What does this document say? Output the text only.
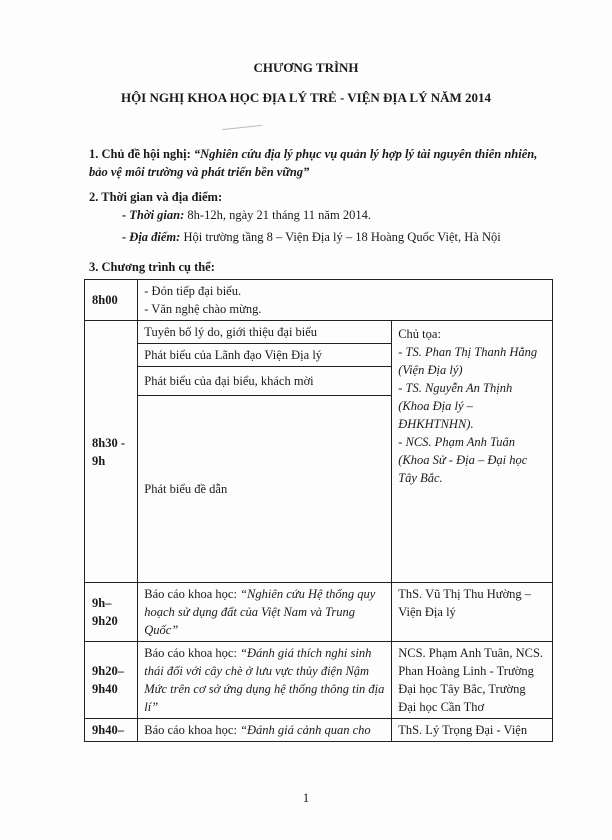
CHƯƠNG TRÌNH
HỘI NGHỊ KHOA HỌC ĐỊA LÝ TRẺ - VIỆN ĐỊA LÝ NĂM 2014
1. Chủ đề hội nghị: “Nghiên cứu địa lý phục vụ quản lý hợp lý tài nguyên thiên nhiên, bảo vệ môi trường và phát triển bền vững”
2. Thời gian và địa điểm:
- Thời gian: 8h-12h, ngày 21 tháng 11 năm 2014.
- Địa điểm: Hội trường tầng 8 – Viện Địa lý – 18 Hoàng Quốc Việt, Hà Nội
3. Chương trình cụ thể:
8h00	- Đón tiếp đại biểu.
- Văn nghệ chào mừng.	

8h30 - 9h	Tuyên bố lý do, giới thiệu đại biểu	Chủ tọa:
- TS. Phan Thị Thanh Hằng (Viện Địa lý)
- TS. Nguyễn An Thịnh (Khoa Địa lý – ĐHKHTNHN).
- NCS. Phạm Anh Tuân (Khoa Sử - Địa – Đại học Tây Bắc.

	Phát biểu của Lãnh đạo Viện Địa lý	
	Phát biểu của đại biểu, khách mời	
	Phát biểu đề dẫn	
9h– 9h20	Báo cáo khoa học: “Nghiên cứu Hệ thống quy hoạch sử dụng đất của Việt Nam và Trung Quốc”	ThS. Vũ Thị Thu Hường – Viện Địa lý
9h20– 9h40	Báo cáo khoa học: “Đánh giá thích nghi sinh thái đối với cây chè ở lưu vực thủy điện Nậm Mức trên cơ sở ứng dụng hệ thống thông tin địa lí”	NCS. Phạm Anh Tuân, NCS. Phan Hoàng Linh - Trường Đại học Tây Bắc, Trường Đại học Cần Thơ
9h40–	Báo cáo khoa học: “Đánh giá cảnh quan cho	ThS. Lý Trọng Đại - Viện
1
